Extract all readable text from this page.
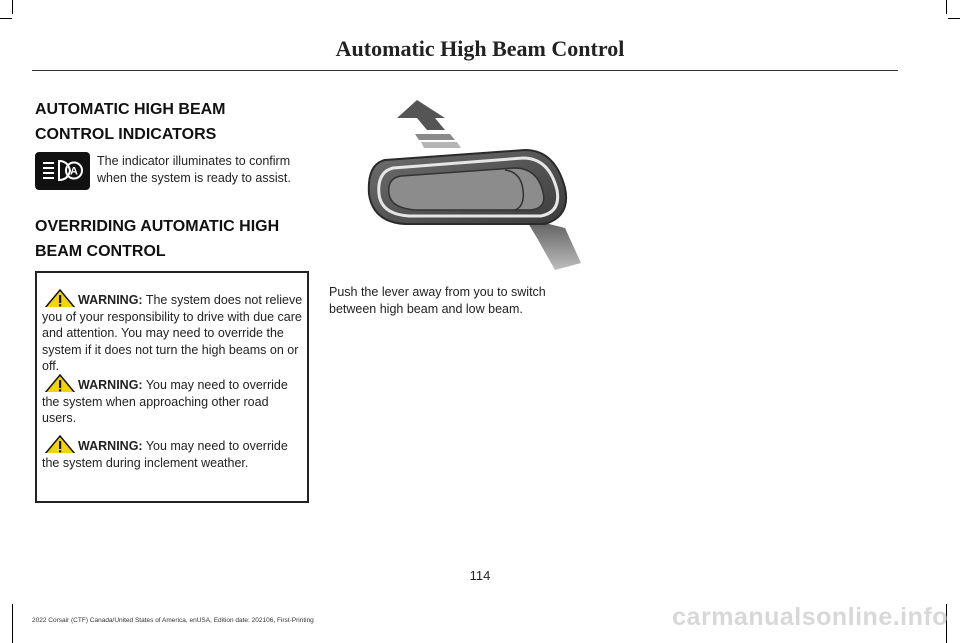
Automatic High Beam Control
AUTOMATIC HIGH BEAM
CONTROL INDICATORS
A
The indicator illuminates to confirm when the system is ready to assist.
OVERRIDING AUTOMATIC HIGH
BEAM CONTROL
WARNING: The system does not relieve you of your responsibility to drive with due care and attention. You may need to override the system if it does not turn the high beams on or off.
WARNING: You may need to override the system when approaching other road users.
WARNING: You may need to override the system during inclement weather.
Push the lever away from you to switch between high beam and low beam.
114
2022 Corsair (CTF) Canada/United States of America, enUSA, Edition date: 202106, First-Printing	carmanualsonline.info
